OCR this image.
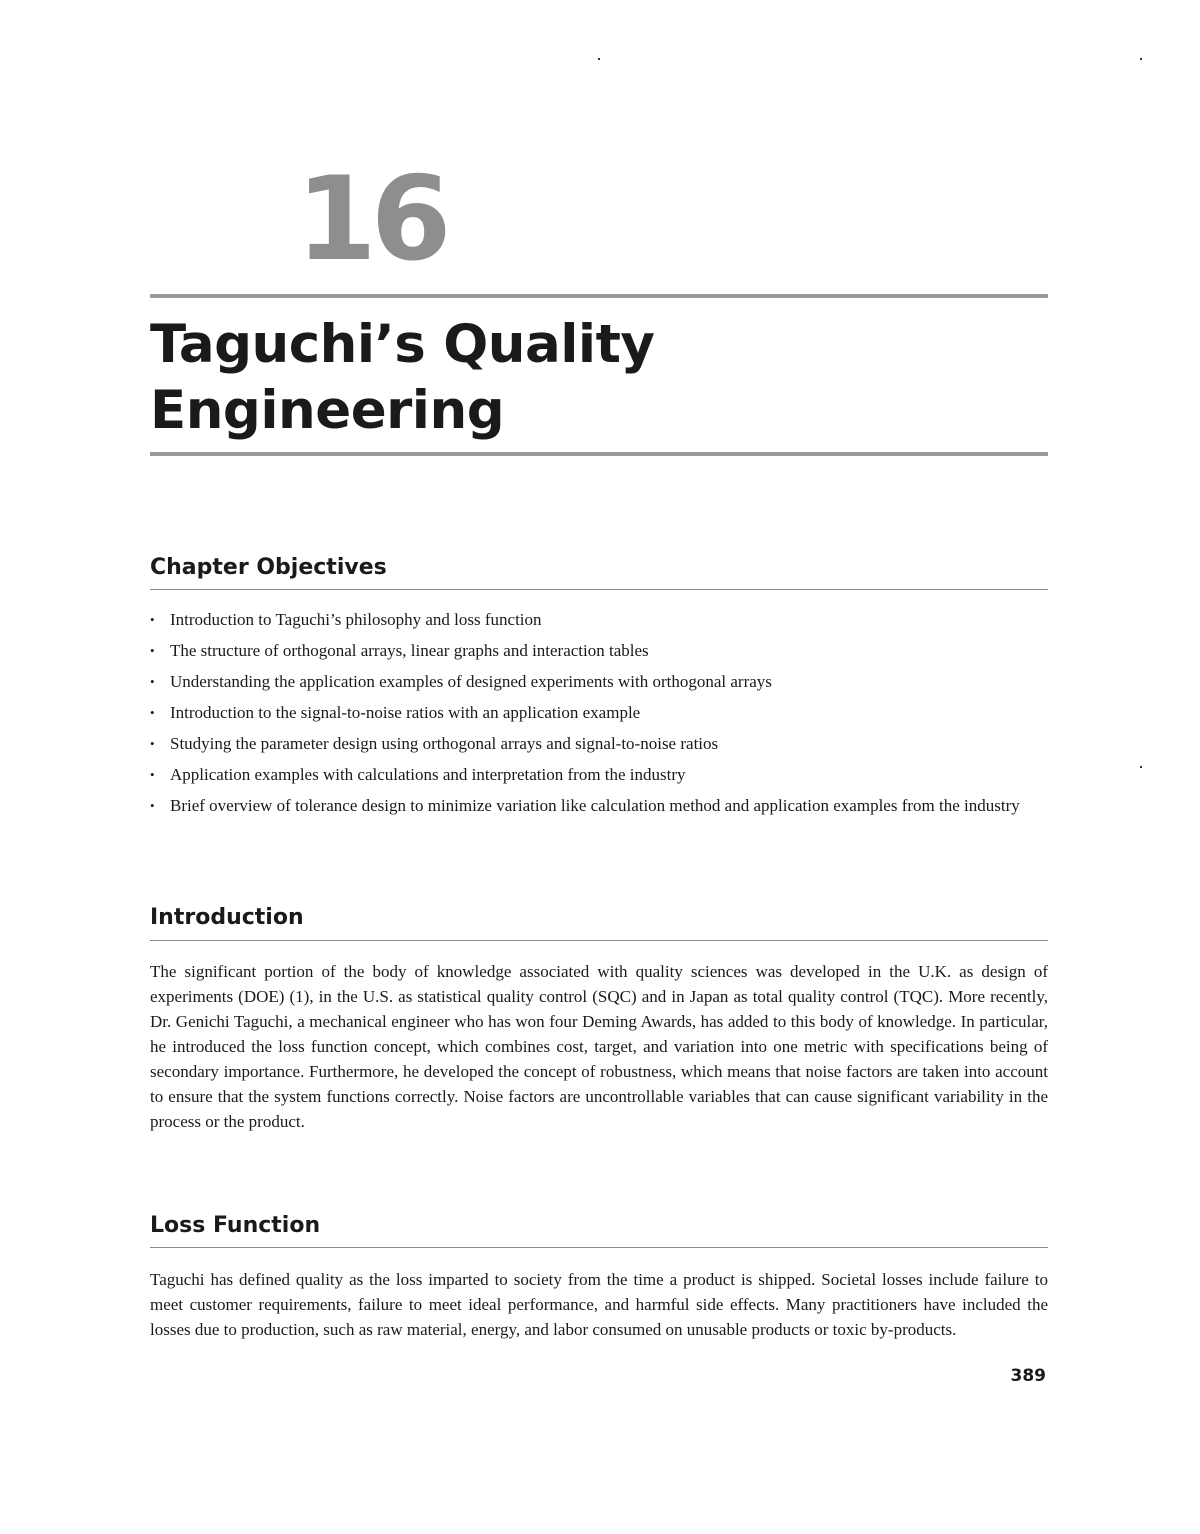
16
Taguchi’s Quality
Engineering
Chapter Objectives
• Introduction to Taguchi’s philosophy and loss function
• The structure of orthogonal arrays, linear graphs and interaction tables
• Understanding the application examples of designed experiments with orthogonal arrays
• Introduction to the signal-to-noise ratios with an application example
• Studying the parameter design using orthogonal arrays and signal-to-noise ratios
• Application examples with calculations and interpretation from the industry
• Brief overview of tolerance design to minimize variation like calculation method and application examples from the industry
Introduction

The significant portion of the body of knowledge associated with quality sciences was developed in the U.K. as design of experiments (DOE) (1), in the U.S. as statistical quality control (SQC) and in Japan as total quality control (TQC). More recently, Dr. Genichi Taguchi, a mechanical engineer who has won four Deming Awards, has added to this body of knowledge. In particular, he introduced the loss function concept, which combines cost, target, and variation into one metric with specifications being of secondary importance. Furthermore, he developed the concept of robustness, which means that noise factors are taken into account to ensure that the system functions correctly. Noise factors are uncontrollable variables that can cause significant variability in the process or the product.

Loss Function

Taguchi has defined quality as the loss imparted to society from the time a product is shipped. Societal losses include failure to meet customer requirements, failure to meet ideal performance, and harmful side effects. Many practitioners have included the losses due to production, such as raw material, energy, and labor consumed on unusable products or toxic by-products.

389
